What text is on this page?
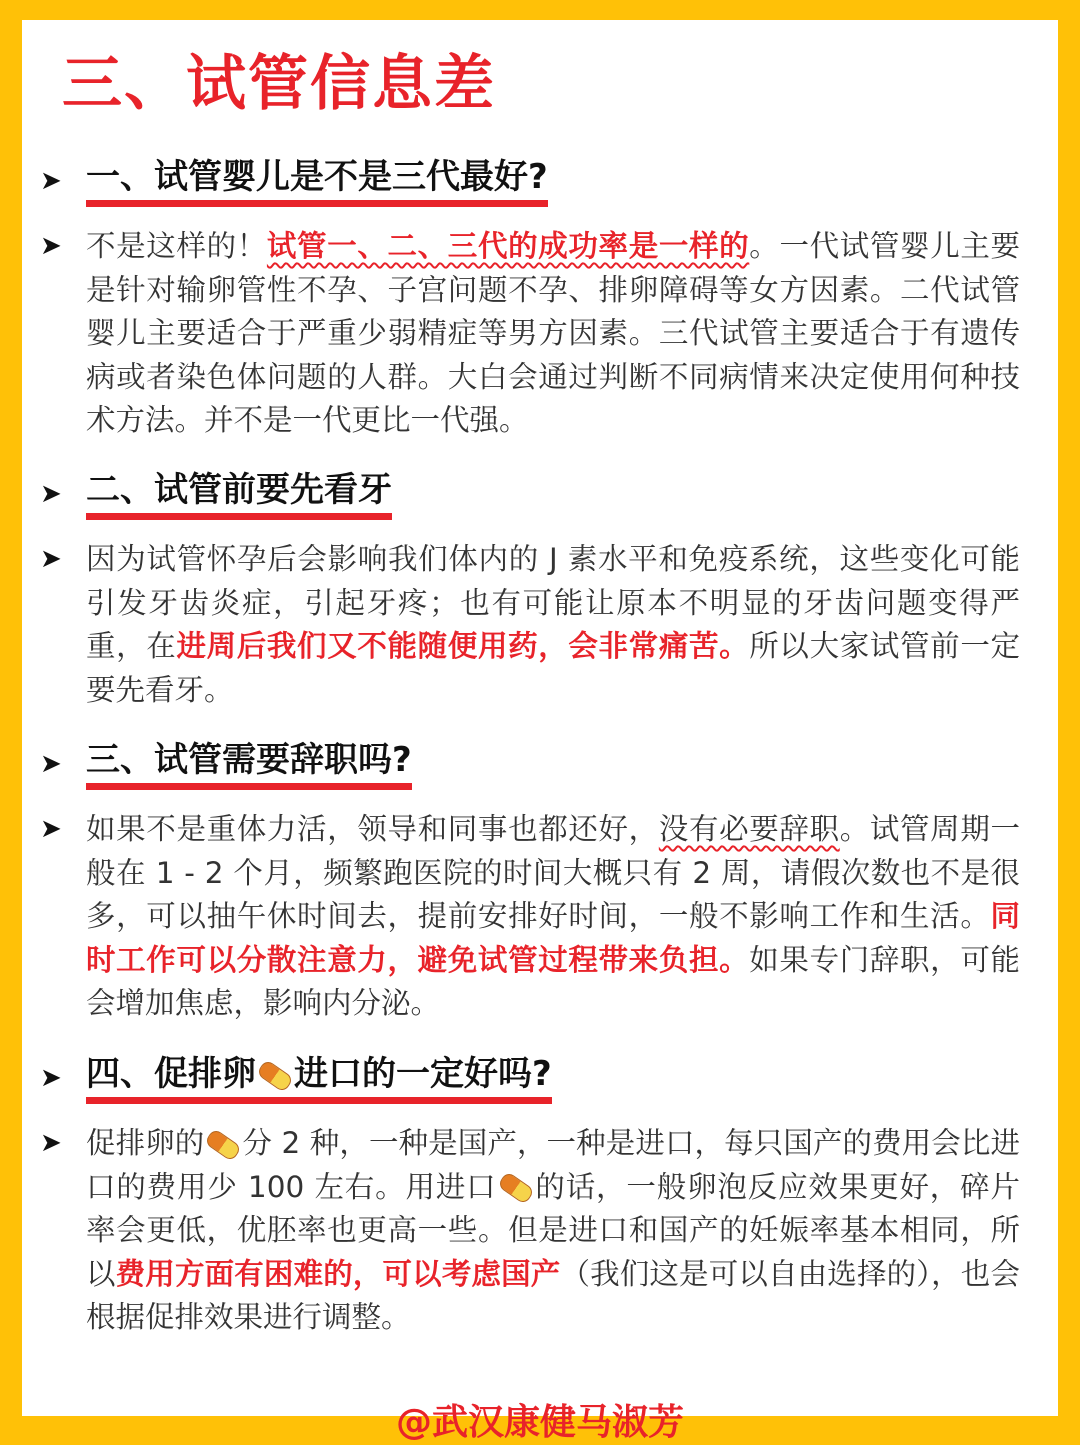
三、试管信息差
➤ 一、试管婴儿是不是三代最好?
➤ 不是这样的！试管一、二、三代的成功率是一样的。一代试管婴儿主要是针对输卵管性不孕、子宫问题不孕、排卵障碍等女方因素。二代试管婴儿主要适合于严重少弱精症等男方因素。三代试管主要适合于有遗传病或者染色体问题的人群。大白会通过判断不同病情来决定使用何种技术方法。并不是一代更比一代强。
➤ 二、试管前要先看牙
➤ 因为试管怀孕后会影响我们体内的 J 素水平和免疫系统，这些变化可能引发牙齿炎症，引起牙疼；也有可能让原本不明显的牙齿问题变得严重，在进周后我们又不能随便用药，会非常痛苦。所以大家试管前一定要先看牙。
➤ 三、试管需要辞职吗?
➤ 如果不是重体力活，领导和同事也都还好，没有必要辞职。试管周期一般在 1 - 2 个月，频繁跑医院的时间大概只有 2 周，请假次数也不是很多，可以抽午休时间去，提前安排好时间，一般不影响工作和生活。同时工作可以分散注意力，避免试管过程带来负担。如果专门辞职，可能会增加焦虑，影响内分泌。
➤ 四、促排卵 进口的一定好吗?
➤ 促排卵的 分 2 种，一种是国产，一种是进口，每只国产的费用会比进口的费用少 100 左右。用进口 的话，一般卵泡反应效果更好，碎片率会更低，优胚率也更高一些。但是进口和国产的妊娠率基本相同，所以费用方面有困难的，可以考虑国产（我们这是可以自由选择的），也会根据促排效果进行调整。
@武汉康健马淑芳
